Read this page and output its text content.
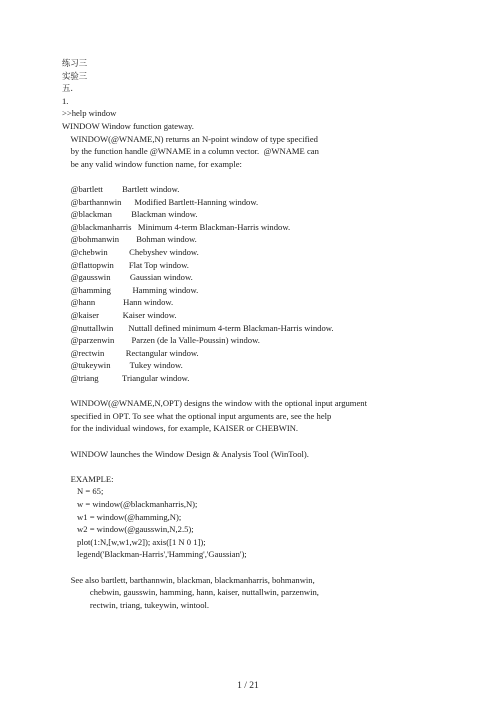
练习三
实验三
五.
1.
>>help window
WINDOW Window function gateway.
WINDOW(@WNAME,N) returns an N-point window of type specified
by the function handle @WNAME in a column vector.  @WNAME can
be any valid window function name, for example:
@bartlett         Bartlett window.
@barthannwin      Modified Bartlett-Hanning window.
@blackman         Blackman window.
@blackmanharris   Minimum 4-term Blackman-Harris window.
@bohmanwin        Bohman window.
@chebwin          Chebyshev window.
@flattopwin       Flat Top window.
@gausswin         Gaussian window.
@hamming          Hamming window.
@hann             Hann window.
@kaiser           Kaiser window.
@nuttallwin       Nuttall defined minimum 4-term Blackman-Harris window.
@parzenwin        Parzen (de la Valle-Poussin) window.
@rectwin          Rectangular window.
@tukeywin         Tukey window.
@triang           Triangular window.
WINDOW(@WNAME,N,OPT) designs the window with the optional input argument
specified in OPT. To see what the optional input arguments are, see the help
for the individual windows, for example, KAISER or CHEBWIN.
WINDOW launches the Window Design & Analysis Tool (WinTool).
EXAMPLE:
N = 65;
w = window(@blackmanharris,N);
w1 = window(@hamming,N);
w2 = window(@gausswin,N,2.5);
plot(1:N,[w,w1,w2]); axis([1 N 0 1]);
legend('Blackman-Harris','Hamming','Gaussian');
See also bartlett, barthannwin, blackman, blackmanharris, bohmanwin,
chebwin, gausswin, hamming, hann, kaiser, nuttallwin, parzenwin,
rectwin, triang, tukeywin, wintool.
1 / 21
